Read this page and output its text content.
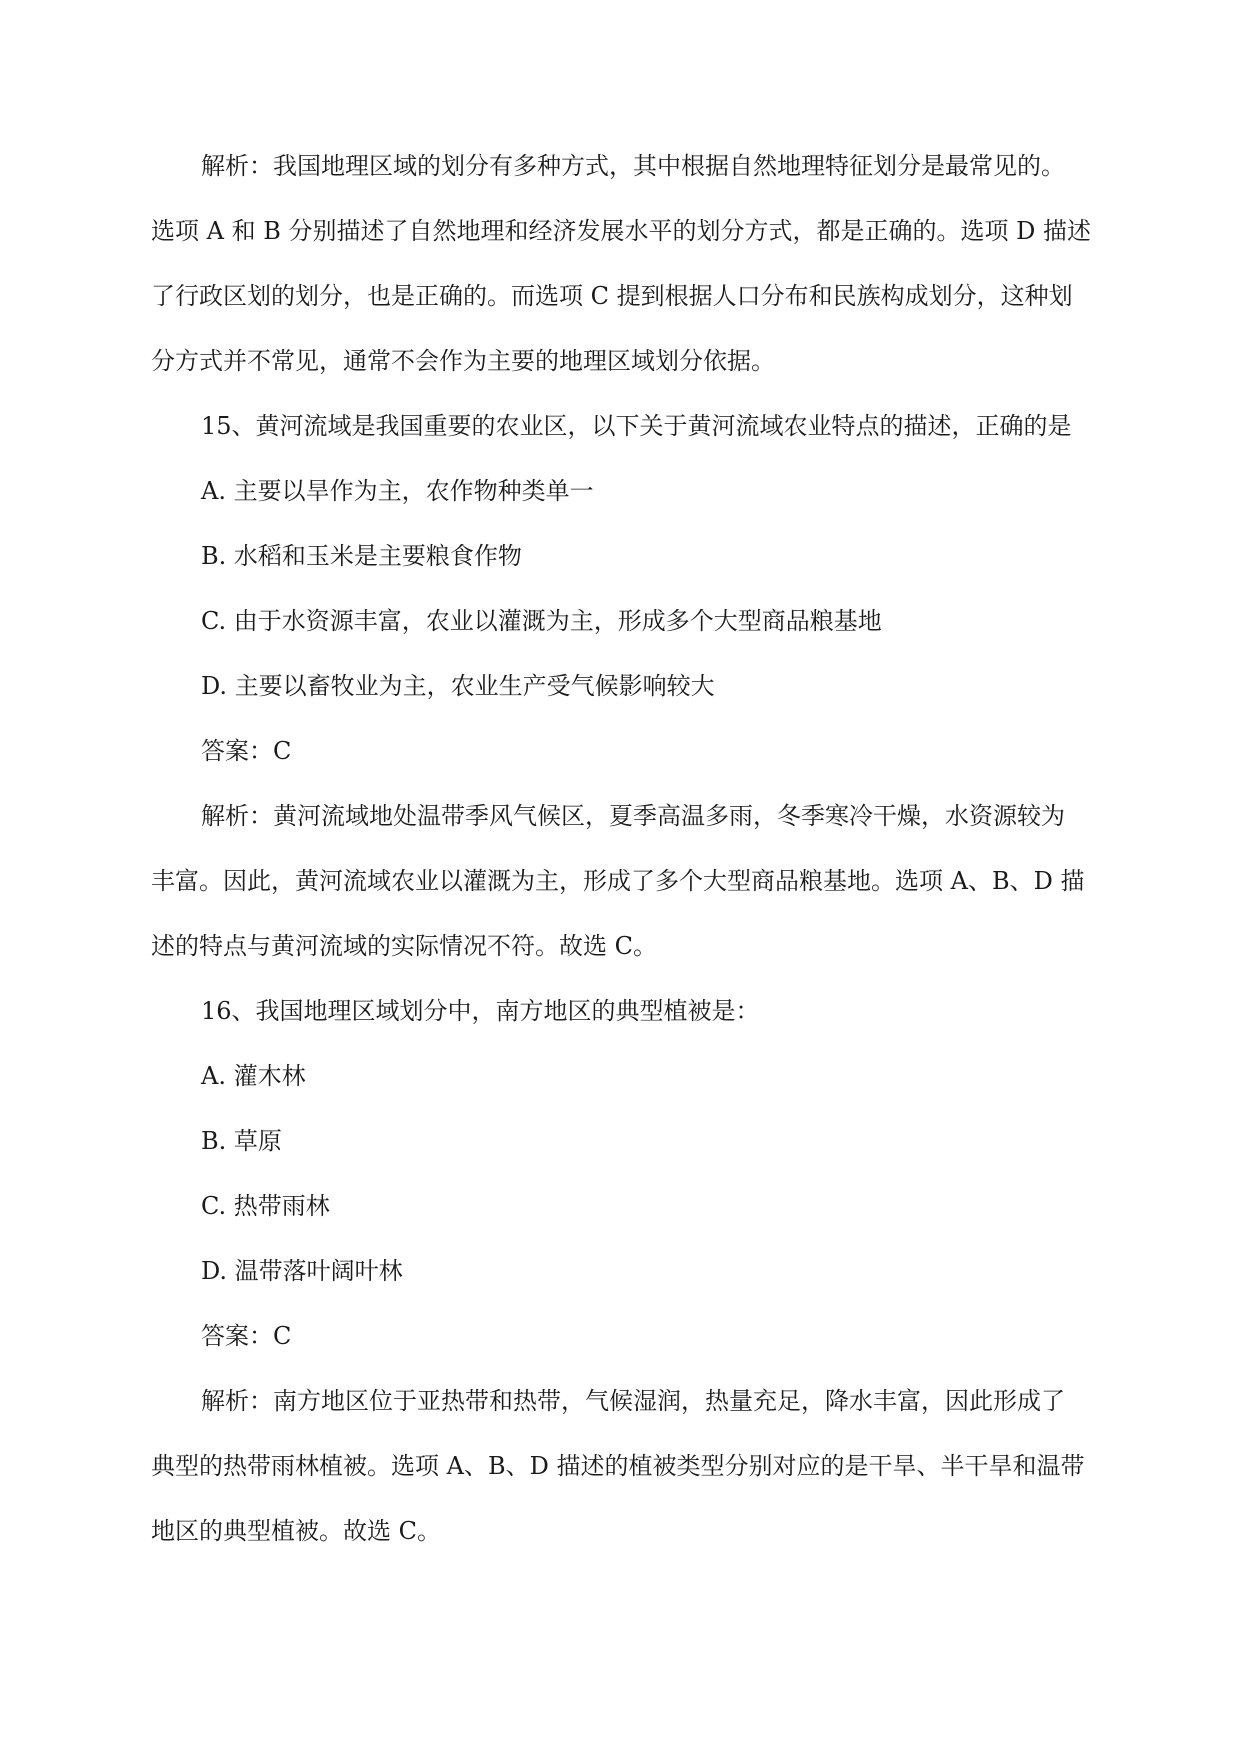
解析：我国地理区域的划分有多种方式，其中根据自然地理特征划分是最常见的。
选项 A 和 B 分别描述了自然地理和经济发展水平的划分方式，都是正确的。选项 D 描述
了行政区划的划分，也是正确的。而选项 C 提到根据人口分布和民族构成划分，这种划
分方式并不常见，通常不会作为主要的地理区域划分依据。
15、黄河流域是我国重要的农业区，以下关于黄河流域农业特点的描述，正确的是
A. 主要以旱作为主，农作物种类单一
B. 水稻和玉米是主要粮食作物
C. 由于水资源丰富，农业以灌溉为主，形成多个大型商品粮基地
D. 主要以畜牧业为主，农业生产受气候影响较大
答案：C
解析：黄河流域地处温带季风气候区，夏季高温多雨，冬季寒冷干燥，水资源较为
丰富。因此，黄河流域农业以灌溉为主，形成了多个大型商品粮基地。选项 A、B、D 描
述的特点与黄河流域的实际情况不符。故选 C。
16、我国地理区域划分中，南方地区的典型植被是：
A. 灌木林
B. 草原
C. 热带雨林
D. 温带落叶阔叶林
答案：C
解析：南方地区位于亚热带和热带，气候湿润，热量充足，降水丰富，因此形成了
典型的热带雨林植被。选项 A、B、D 描述的植被类型分别对应的是干旱、半干旱和温带
地区的典型植被。故选 C。
